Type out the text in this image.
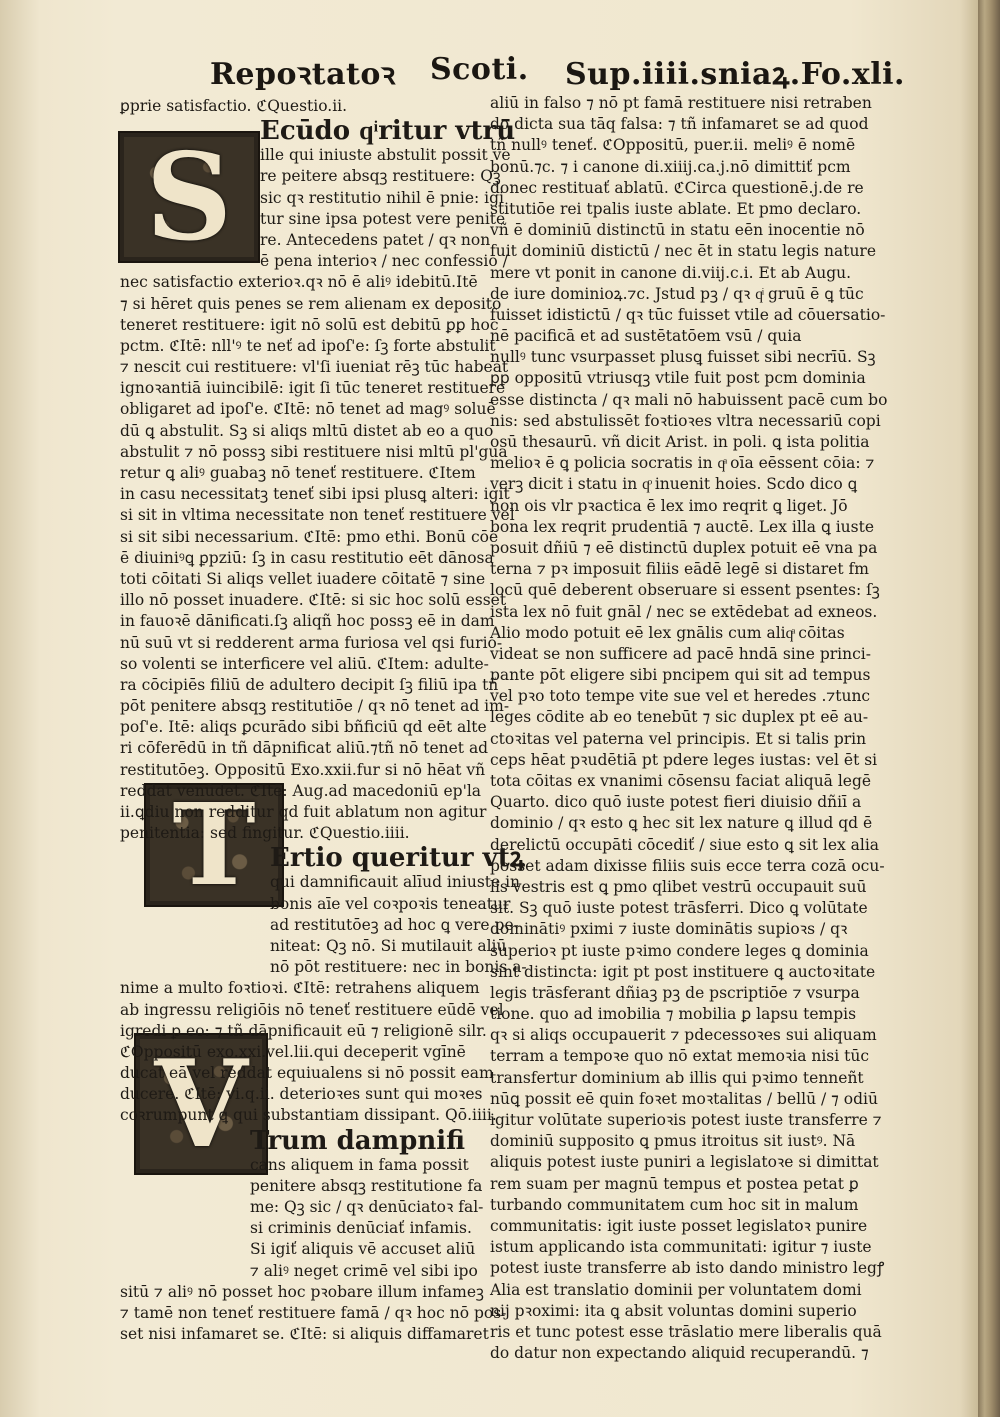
Repoꝛtatoꝛ Scoti. Sup.iiii.sniaꝝ.Fo.xli.
S
T
V
ꝑprie satisfactio. ℭQuestio.ii.
Ecūdo qͥritur vtrū
ille qui iniuste abstulit possit ve
re peitere absqꝫ restituere: Qꝫ
sic qꝛ restitutio nihil ē pnie: igi
tur sine ipsa potest vere penite
re. Antecedens patet / qꝛ non
ē pena interioꝛ / nec confessio /
nec satisfactio exterioꝛ.qꝛ nō ē aliꝰ idebitū.Itē
⁊ si hēret quis penes se rem alienam ex deposito
teneret restituere: igit nō solū est debitū ꝑꝑ hoc
pctm. ℭItē: nll'ꝰ te neť ad ipoſ'e: ſꝫ forte abstulit
⁊ nescit cui restituere: vl'ſi iueniat rēꝫ tūc habeat
ignoꝛantiā iuincibilē: igit ſi tūc teneret restituere
obligaret ad ipoſ'e. ℭItē: nō tenet ad magꝰ soluē
dū ꝗ abstulit. Sꝫ si aliqs mltū distet ab eo a quo
abstulit ⁊ nō possꝫ sibi restituere nisi mltū pl'gua
retur ꝗ aliꝰ guabaꝫ nō teneť restituere. ℭItem
in casu necessitatꝫ teneť sibi ipsi plusꝗ alteri: igit
si sit in vltima necessitate non teneť restituere vel
si sit sibi necessarium. ℭItē: pmo ethi. Bonū cōe
ē diuiniꝰꝗ ꝑpziū: ſꝫ in casu restitutio eēt dānosa
toti cōitati Si aliqs vellet iuadere cōitatē ⁊ sine
illo nō posset inuadere. ℭItē: si sic hoc solū esset
in fauoꝛē dānificati.ſꝫ aliqñ hoc possꝫ eē in dam
nū suū vt si redderent arma furiosa vel qsi furio-
so volenti se interficere vel aliū. ℭItem: adulte-
ra cōcipiēs filiū de adultero decipit ſꝫ filiū ipa tñ
pōt penitere absqꝫ restitutiōe / qꝛ nō tenet ad im-
poſ'e. Itē: aliqs ꝑcurādo sibi bñficiū qd eēt alte
ri cōferēdū in tñ dāpnificat aliū.⁊tñ nō tenet ad
restitutōeꝫ. Oppositū Exo.xxii.fur si nō hēat vñ
reddat venūdet. ℭItē: Aug.ad macedoniū ep'la
ii.ꝗdiu non redditur qd fuit ablatum non agitur
penitentia: sed fingitur. ℭQuestio.iiii.
Ertio queritur vtꝝ
qui damnificauit alīud iniuste in
bonis aīe vel coꝛpoꝛis teneatur
ad restitutōeꝫ ad hoc ꝗ vere pe-
niteat: Qꝫ nō. Si mutilauit aliū
nō pōt restituere: nec in bonis a-
nime a multo foꝛtioꝛi. ℭItē: retrahens aliquem
ab ingressu religiōis nō teneť restituere eūdē vel
igredi ꝑ eo: ⁊ tñ dāpnificauit eū ⁊ religionē silr.
ℭOppositū exo.xxi.vel.lii.qui deceperit vgīnē
ducat eā vel reddat equiualens si nō possit eam
ducere. ℭItē: vi.q.ii. deterioꝛes sunt qui moꝛes
coꝛrumpunt ꝗ qui substantiam dissipant. Qō.iiii.
Trum dampnifi
cans aliquem in fama possit
penitere absqꝫ restitutione fa
me: Qꝫ sic / qꝛ denūciatoꝛ fal-
si criminis denūciať infamis.
Si igiť aliquis vē accuset aliū
⁊ aliꝰ neget crimē vel sibi ipo
sitū ⁊ aliꝰ nō posset hoc pꝛobare illum infameꝫ
⁊ tamē non teneť restituere famā / qꝛ hoc nō pos-
set nisi infamaret se. ℭItē: si aliquis diffamaret
aliū in falso ⁊ nō pt famā restituere nisi retraben
do dicta sua tāq falsa: ⁊ tñ infamaret se ad quod
tñ nullꝰ teneť. ℭOppositū, puer.ii. meliꝰ ē nomē
bonū.⁊c. ⁊ i canone di.xiiij.ca.j.nō dimittiť pcm
donec restituať ablatū. ℭCirca questionē.j.de re
stitutiōe rei tpalis iuste ablate. Et pmo declaro.
vñ ē dominiū distinctū in statu eēn inocentie nō
fuit dominiū distictū / nec ēt in statu legis nature
mere vt ponit in canone di.viij.c.i. Et ab Augu.
de iure dominioꝝ.⁊c. Jstud pꝫ / qꝛ qͥ gruū ē ꝗ tūc
fuisset idistictū / qꝛ tūc fuisset vtile ad cōuersatio-
nē pacificā et ad sustētatōem vsū / quia
nullꝰ tunc vsurpasset plusꝗ fuisset sibi necrīū. Sꝫ
ꝑꝑ oppositū vtriusqꝫ vtile fuit post pcm dominia
esse distincta / qꝛ mali nō habuissent pacē cum bo
nis: sed abstulissēt foꝛtioꝛes vltra necessariū copi
osū thesaurū. vñ dicit Arist. in poli. ꝗ ista politia
melioꝛ ē ꝗ policia socratis in qͣ oīa eēssent cōia: ⁊
verꝫ dicit i statu in qͦ inuenit hoies. Scdo dico ꝗ
non ois vlr pꝛactica ē lex imo reqrit ꝗ liget. Jō
bona lex reqrit prudentiā ⁊ auctē. Lex illa ꝗ iuste
posuit dñiū ⁊ eē distinctū duplex potuit eē vna pa
terna ⁊ pꝛ imposuit filiis eādē legē si distaret fm
locū quē deberent obseruare si essent psentes: ſꝫ
ista lex nō fuit gnāl / nec se extēdebat ad exneos.
Alio modo potuit eē lex gnālis cum aliqͣ cōitas
videat se non sufficere ad pacē hndā sine princi-
pante pōt eligere sibi pncipem qui sit ad tempus
vel pꝛo toto tempe vite sue vel et heredes .⁊tunc
leges cōdite ab eo tenebūt ⁊ sic duplex pt eē au-
ctoꝛitas vel paterna vel principis. Et si talis prin
ceps hēat pꝛudētiā pt pdere leges iustas: vel ēt si
tota cōitas ex vnanimi cōsensu faciat aliquā legē
Quarto. dico quō iuste potest fieri diuisio dñiī a
dominio / qꝛ esto ꝗ hec sit lex nature ꝗ illud qd ē
derelictū occupāti cōcediť / siue esto ꝗ sit lex alia
posset adam dixisse filiis suis ecce terra cozā ocu-
lis vestris est ꝗ pmo qlibet vestrū occupauit suū
sit. Sꝫ quō iuste potest trāsferri. Dico ꝗ volūtate
dominātiꝰ pximi ⁊ iuste dominātis supioꝛs / qꝛ
superioꝛ pt iuste pꝛimo condere leges ꝗ dominia
sint distincta: igit pt post instituere ꝗ auctoꝛitate
legis trāsferant dñiaꝫ pꝫ de pscriptiōe ⁊ vsurpa
tione. quo ad imobilia ⁊ mobilia ꝑ lapsu tempis
qꝛ si aliqs occupauerit ⁊ pdecessoꝛes sui aliquam
terram a tempoꝛe quo nō extat memoꝛia nisi tūc
transfertur dominium ab illis qui pꝛimo tenneñt
nūꝗ possit eē quin foꝛet moꝛtalitas / bellū / ⁊ odiū
igitur volūtate superioꝛis potest iuste transferre ⁊
dominiū supposito ꝗ pmus itroitus sit iustꝰ. Nā
aliquis potest iuste puniri a legislatoꝛe si dimittat
rem suam per magnū tempus et postea petat ꝑ
turbando communitatem cum hoc sit in malum
communitatis: igit iuste posset legislatoꝛ punire
istum applicando ista communitati: igitur ⁊ iuste
potest iuste transferre ab isto dando ministro legꝭ
Alia est translatio dominii per voluntatem domi
nij pꝛoximi: ita ꝗ absit voluntas domini superio
ris et tunc potest esse trāslatio mere liberalis quā
do datur non expectando aliquid recuperandū. ⁊
